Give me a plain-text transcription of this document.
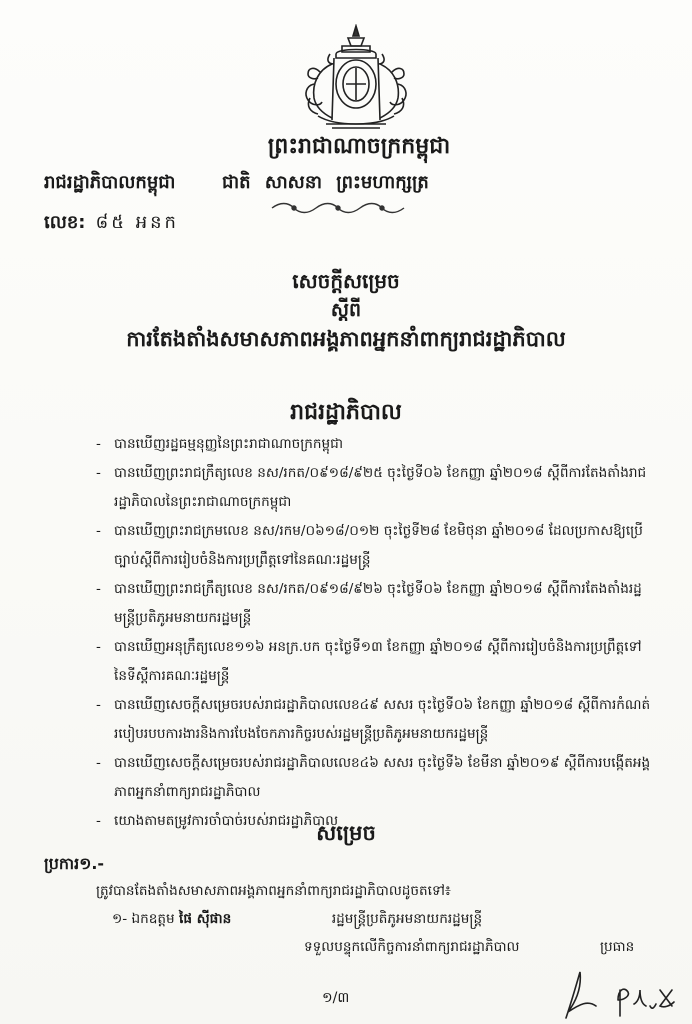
ព្រះរាជាណាចក្រកម្ពុជា
រាជរដ្ឋាភិបាលកម្ពុជា	ជាតិ សាសនា ព្រះមហាក្សត្រ
លេខ: ៨៥ អនក
សេចក្តីសម្រេច
ស្តីពី
ការតែងតាំងសមាសភាពអង្គភាពអ្នកនាំពាក្យរាជរដ្ឋាភិបាល
រាជរដ្ឋាភិបាល
- បានឃើញរដ្ឋធម្មនុញ្ញនៃព្រះរាជាណាចក្រកម្ពុជា
- បានឃើញព្រះរាជក្រឹត្យលេខ នស/រកត/០៩១៨/៩២៥ ចុះថ្ងៃទី០៦ ខែកញ្ញា ឆ្នាំ២០១៨ ស្តីពីការតែងតាំងរាជរដ្ឋាភិបាលនៃព្រះរាជាណាចក្រកម្ពុជា
- បានឃើញព្រះរាជក្រមលេខ នស/រកម/០៦១៨/០១២ ចុះថ្ងៃទី២៨ ខែមិថុនា ឆ្នាំ២០១៨ ដែលប្រកាសឱ្យប្រើច្បាប់ស្តីពីការរៀបចំនិងការប្រព្រឹត្តទៅនៃគណៈរដ្ឋមន្ត្រី
- បានឃើញព្រះរាជក្រឹត្យលេខ នស/រកត/០៩១៨/៩២៦ ចុះថ្ងៃទី០៦ ខែកញ្ញា ឆ្នាំ២០១៨ ស្តីពីការតែងតាំងរដ្ឋមន្ត្រីប្រតិភូអមនាយករដ្ឋមន្ត្រី
- បានឃើញអនុក្រឹត្យលេខ១១៦ អនក្រ.បក ចុះថ្ងៃទី១៣ ខែកញ្ញា ឆ្នាំ២០១៨ ស្តីពីការរៀបចំនិងការប្រព្រឹត្តទៅនៃទីស្តីការគណៈរដ្ឋមន្ត្រី
- បានឃើញសេចក្តីសម្រេចរបស់រាជរដ្ឋាភិបាលលេខ៤៩ សសរ ចុះថ្ងៃទី០៦ ខែកញ្ញា ឆ្នាំ២០១៨ ស្តីពីការកំណត់របៀបរបបការងារនិងការបែងចែកភារកិច្ចរបស់រដ្ឋមន្ត្រីប្រតិភូអមនាយករដ្ឋមន្ត្រី
- បានឃើញសេចក្តីសម្រេចរបស់រាជរដ្ឋាភិបាលលេខ៤៦ សសរ ចុះថ្ងៃទី៦ ខែមីនា ឆ្នាំ២០១៩ ស្តីពីការបង្កើតអង្គភាពអ្នកនាំពាក្យរាជរដ្ឋាភិបាល
- យោងតាមតម្រូវការចាំបាច់របស់រាជរដ្ឋាភិបាល
សម្រេច
ប្រការ១.-
ត្រូវបានតែងតាំងសមាសភាពអង្គភាពអ្នកនាំពាក្យរាជរដ្ឋាភិបាលដូចតទៅ៖
១- ឯកឧត្តម ផៃ ស៊ីផាន	រដ្ឋមន្ត្រីប្រតិភូអមនាយករដ្ឋមន្ត្រី
ទទួលបន្ទុកលើកិច្ចការនាំពាក្យរាជរដ្ឋាភិបាល	ប្រធាន
១/៣
